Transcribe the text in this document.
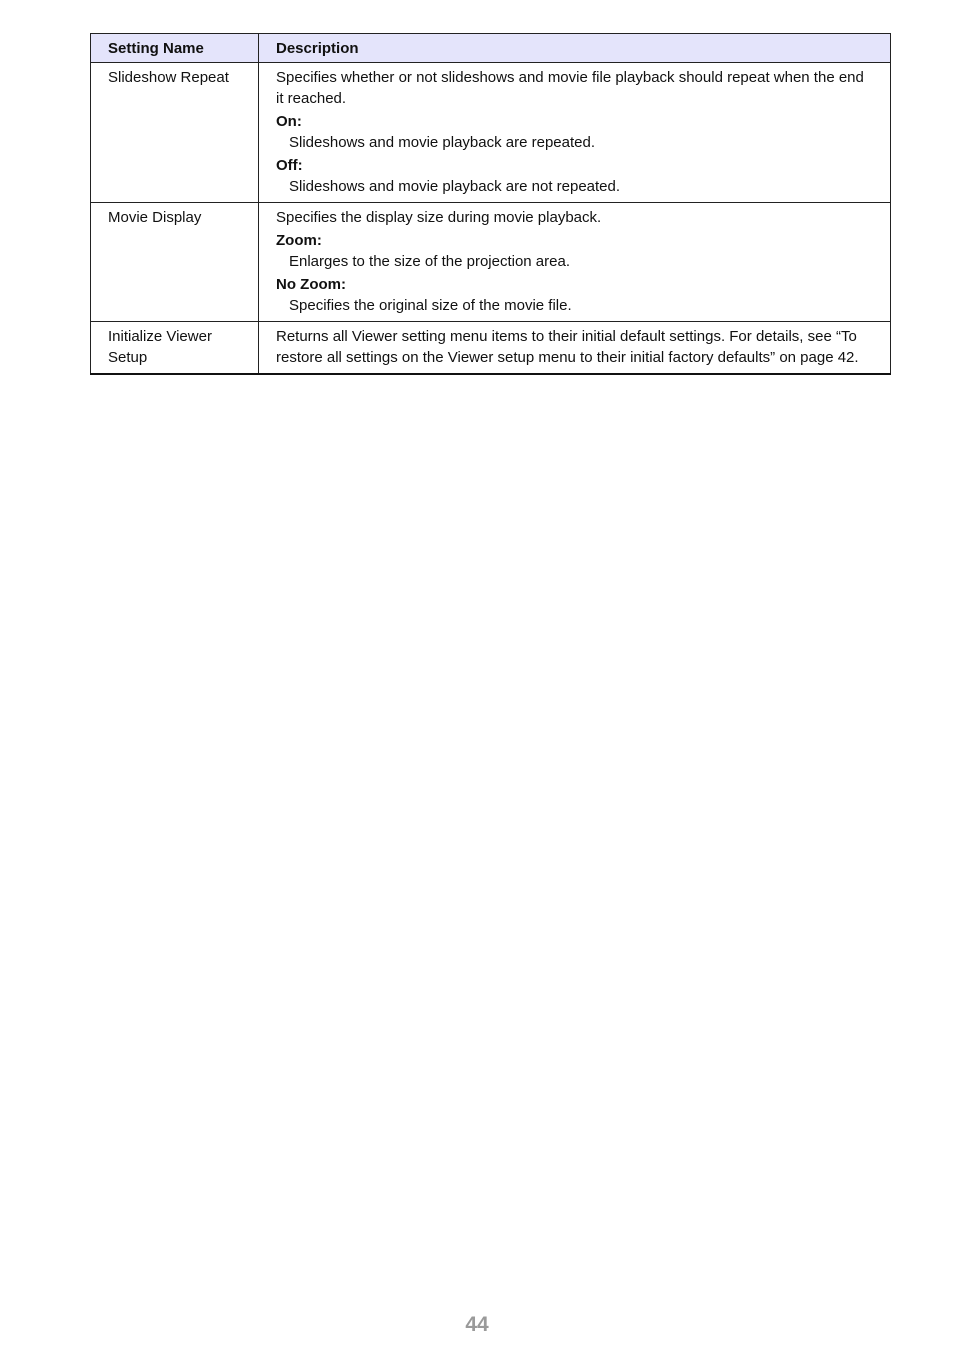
Setting Name	Description
Slideshow Repeat	Specifies whether or not slideshows and movie file playback should repeat when the end it reached.
On:
Slideshows and movie playback are repeated.
Off:
Slideshows and movie playback are not repeated.

Movie Display	Specifies the display size during movie playback.
Zoom:
Enlarges to the size of the projection area.
No Zoom:
Specifies the original size of the movie file.

Initialize Viewer Setup	Returns all Viewer setting menu items to their initial default settings. For details, see “To restore all settings on the Viewer setup menu to their initial factory defaults” on page 42.
44
